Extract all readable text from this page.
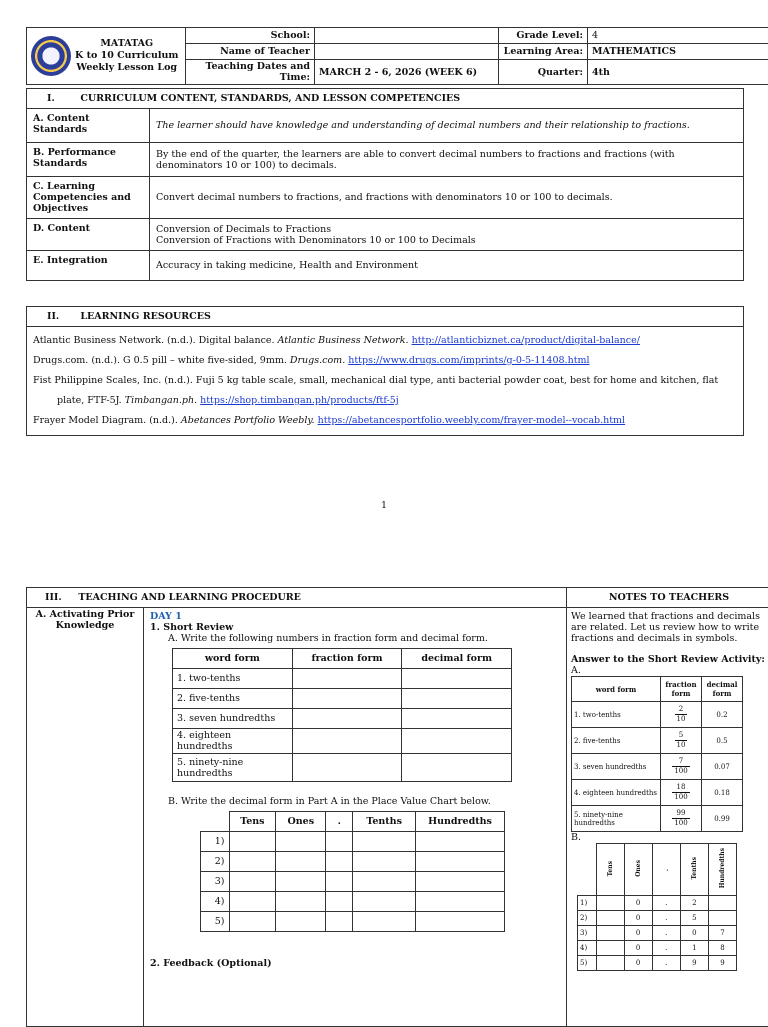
MATATAG
K to 10 Curriculum
Weekly Lesson Log	School:		Grade Level:	4
	Name of Teacher		Learning Area:	MATHEMATICS
	Teaching Dates and Time:	MARCH 2 - 6, 2026 (WEEK 6)	Quarter:	4th
I. CURRICULUM CONTENT, STANDARDS, AND LESSON COMPETENCIES	
A. Content Standards	The learner should have knowledge and understanding of decimal numbers and their relationship to fractions.
B. Performance Standards	By the end of the quarter, the learners are able to convert decimal numbers to fractions and fractions (with denominators 10 or 100) to decimals.
C. Learning Competencies and Objectives	Convert decimal numbers to fractions, and fractions with denominators 10 or 100 to decimals.
D. Content	Conversion of Decimals to Fractions
Conversion of Fractions with Denominators 10 or 100 to Decimals

E. Integration	Accuracy in taking medicine, Health and Environment
II. LEARNING RESOURCES

Atlantic Business Network. (n.d.). Digital balance. Atlantic Business Network. http://atlanticbiznet.ca/product/digital-balance/
Drugs.com. (n.d.). G 0.5 pill – white five-sided, 9mm. Drugs.com. https://www.drugs.com/imprints/g-0-5-11408.html
Fist Philippine Scales, Inc. (n.d.). Fuji 5 kg table scale, small, mechanical dial type, anti bacterial powder coat, best for home and kitchen, flat
plate, FTF-5J. Timbangan.ph. https://shop.timbangan.ph/products/ftf-5j
Frayer Model Diagram. (n.d.). Abetances Portfolio Weebly. https://abetancesportfolio.weebly.com/frayer-model--vocab.html
1
III. TEACHING AND LEARNING PROCEDURE	NOTES TO TEACHERS
A. Activating Prior Knowledge	
DAY 1
1. Short Review
A. Write the following numbers in fraction form and decimal form.
word form	fraction form	decimal form
1. two-tenths		
2. five-tenths		
3. seven hundredths		
4. eighteen hundredths		
5. ninety-nine hundredths		
B. Write the decimal form in Part A in the Place Value Chart below.
	Tens	Ones	.	Tenths	Hundredths
1)					
2)					
3)					
4)					
5)					
2. Feedback (Optional)

We learned that fractions and decimals are related. Let us review how to write fractions and decimals in symbols.
Answer to the Short Review Activity:
A.
word form	fraction form	decimal form
1. two-tenths	$\frac{2}{10}$	0.2
2. five-tenths	$\frac{5}{10}$	0.5
3. seven hundredths	$\frac{7}{100}$	0.07
4. eighteen hundredths	$\frac{18}{100}$	0.18
5. ninety-nine hundredths	$\frac{99}{100}$	0.99
B.
	Tens	Ones	.	Tenths	Hundredths
1)		0	.	2	
2)		0	.	5	
3)		0	.	0	7
4)		0	.	1	8
5)		0	.	9	9
